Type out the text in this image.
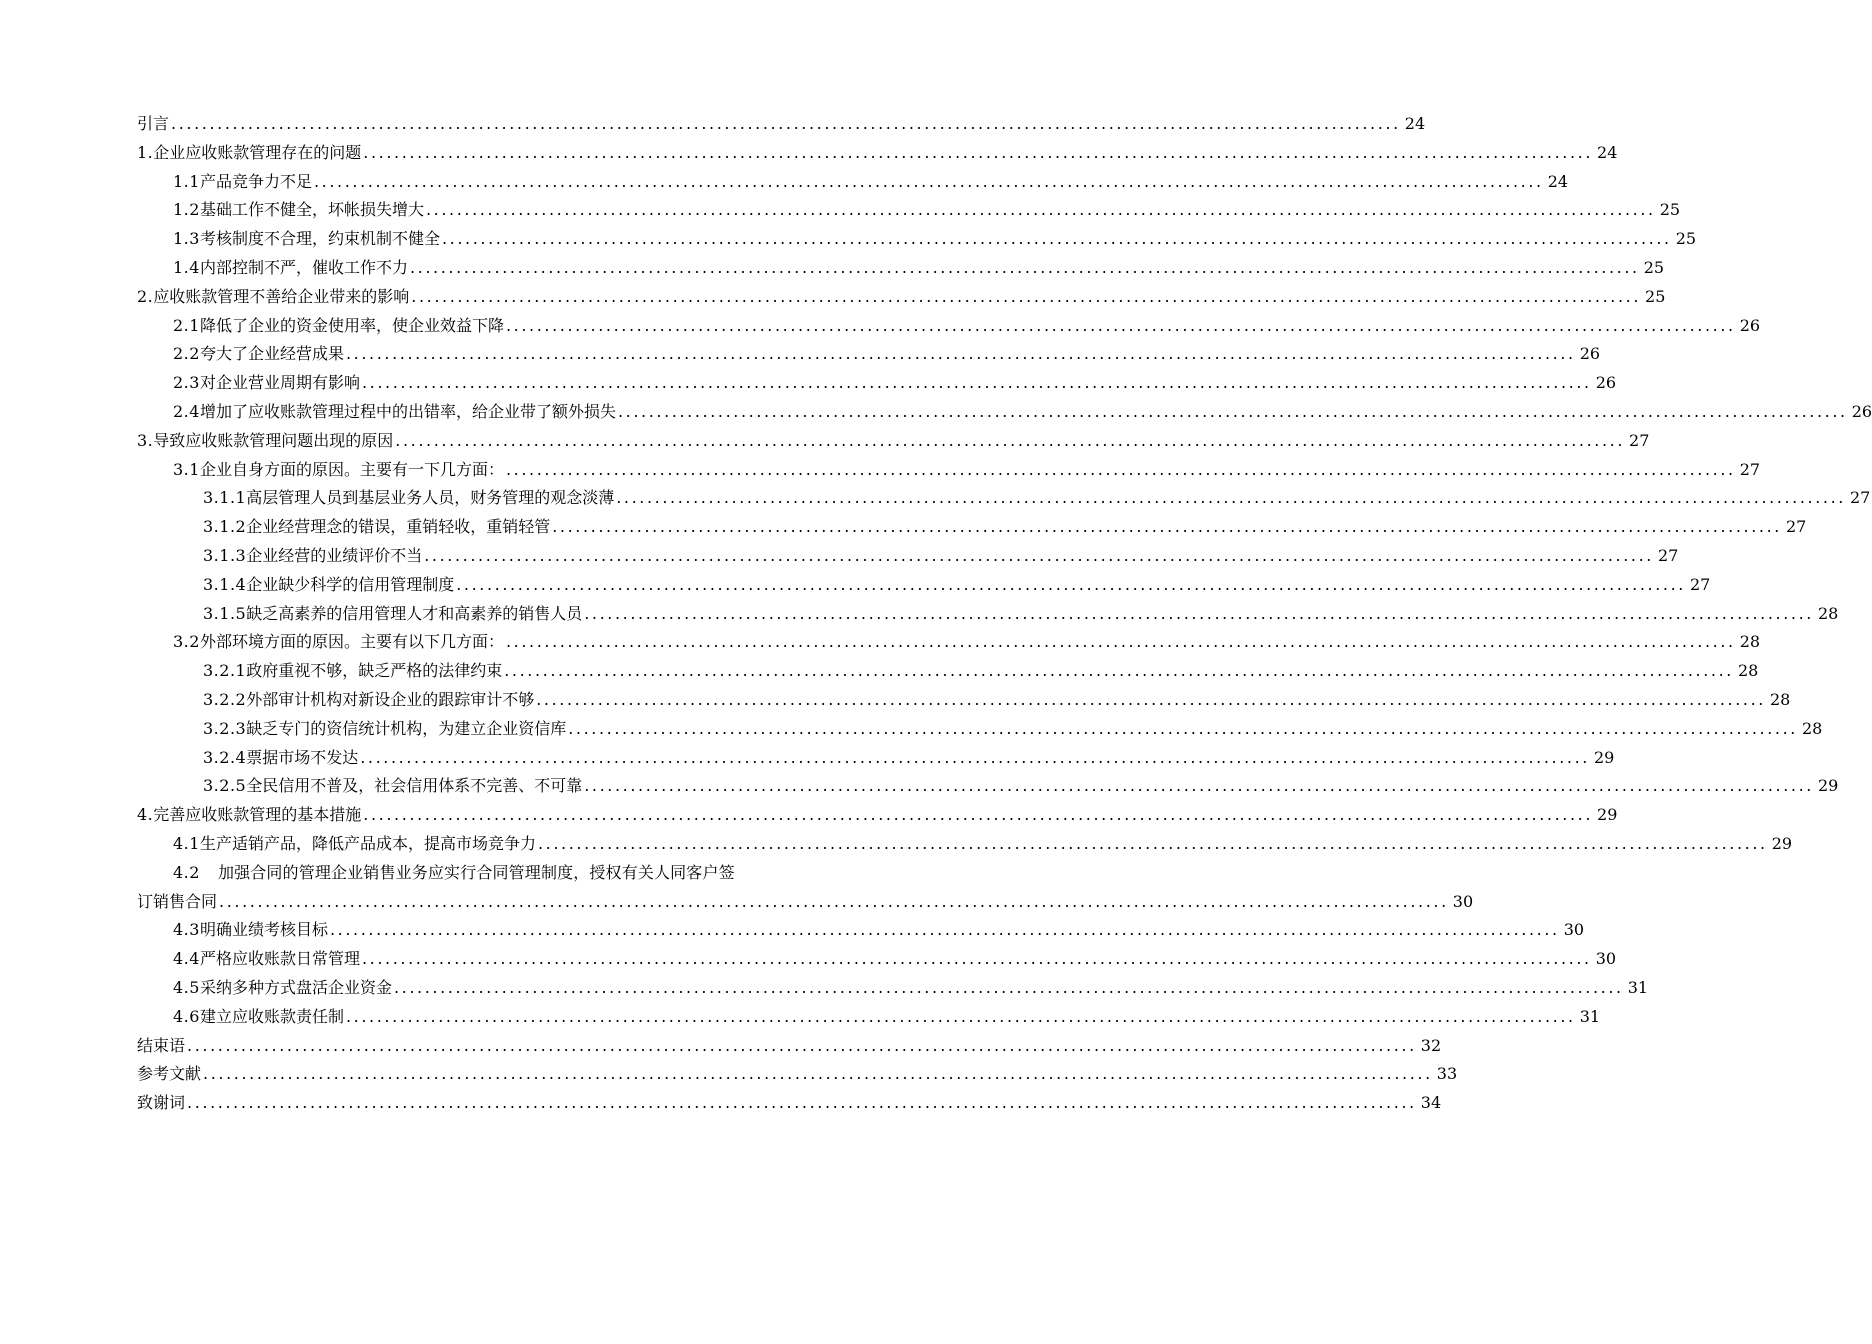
引言 .....	24
1. 企业应收账款管理存在的问题 .....	24
1.1 产品竞争力不足 .....	24
1.2 基础工作不健全，坏帐损失增大 .....	25
1.3 考核制度不合理，约束机制不健全 .....	25
1.4 内部控制不严，催收工作不力 .....	25
2. 应收账款管理不善给企业带来的影响 .....	25
2.1 降低了企业的资金使用率，使企业效益下降 .....	26
2.2 夸大了企业经营成果 .....	26
2.3 对企业营业周期有影响 .....	26
2.4 增加了应收账款管理过程中的出错率，给企业带了额外损失 .....	26
3. 导致应收账款管理问题出现的原因 .....	27
3.1 企业自身方面的原因。主要有一下几方面： .....	27
3.1.1 高层管理人员到基层业务人员，财务管理的观念淡薄 .....	27
3.1.2 企业经营理念的错误，重销轻收，重销轻管 .....	27
3.1.3 企业经营的业绩评价不当 .....	27
3.1.4 企业缺少科学的信用管理制度 .....	27
3.1.5 缺乏高素养的信用管理人才和高素养的销售人员 .....	28
3.2 外部环境方面的原因。主要有以下几方面： .....	28
3.2.1 政府重视不够，缺乏严格的法律约束 .....	28
3.2.2 外部审计机构对新设企业的跟踪审计不够 .....	28
3.2.3 缺乏专门的资信统计机构，为建立企业资信库 .....	28
3.2.4 票据市场不发达 .....	29
3.2.5 全民信用不普及，社会信用体系不完善、不可靠 .....	29
4. 完善应收账款管理的基本措施 .....	29
4.1 生产适销产品，降低产品成本，提高市场竞争力 .....	29
4.2 加强合同的管理企业销售业务应实行合同管理制度，授权有关人同客户签
订销售合同 .....	30
4.3 明确业绩考核目标 .....	30
4.4 严格应收账款日常管理 .....	30
4.5 采纳多种方式盘活企业资金 .....	31
4.6 建立应收账款责任制 .....	31
结束语 .....	32
参考文献 .....	33
致谢词 .....	34
